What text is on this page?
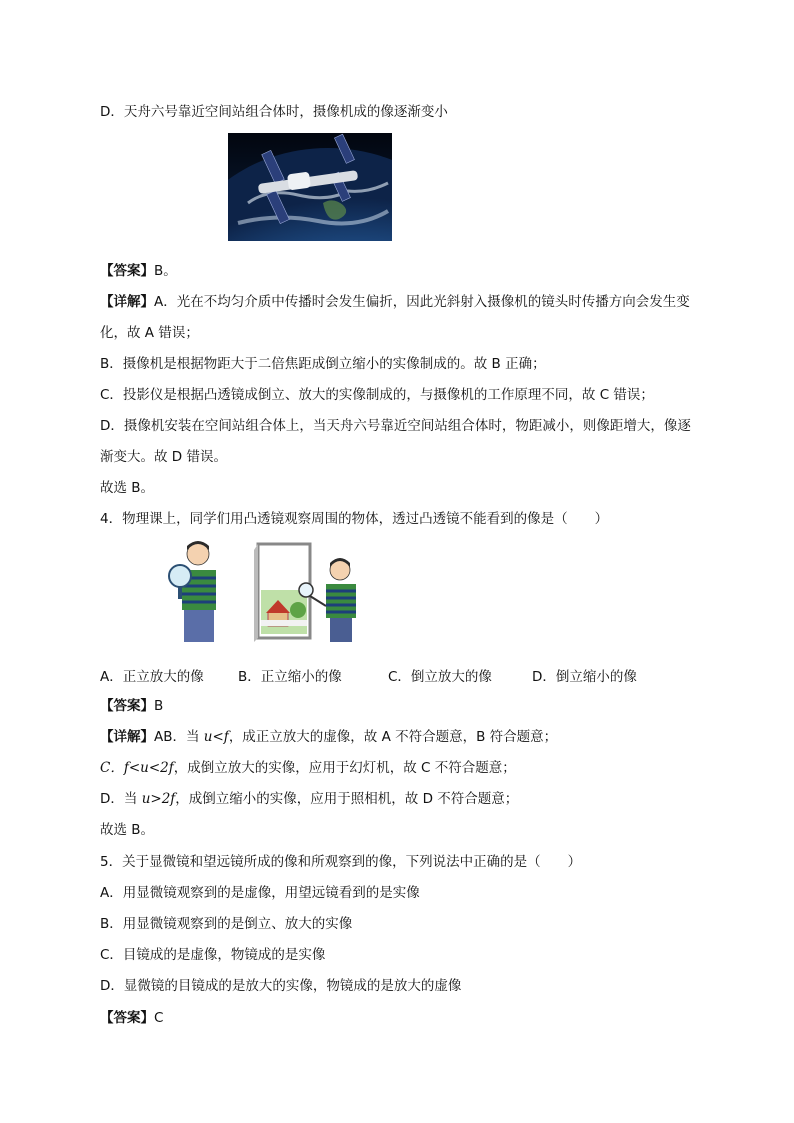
D．天舟六号靠近空间站组合体时，摄像机成的像逐渐变小
【答案】B。
【详解】A．光在不均匀介质中传播时会发生偏折，因此光斜射入摄像机的镜头时传播方向会发生变
化，故 A 错误；
B．摄像机是根据物距大于二倍焦距成倒立缩小的实像制成的。故 B 正确；
C．投影仪是根据凸透镜成倒立、放大的实像制成的，与摄像机的工作原理不同，故 C 错误；
D．摄像机安装在空间站组合体上，当天舟六号靠近空间站组合体时，物距减小，则像距增大，像逐
渐变大。故 D 错误。
故选 B。
4．物理课上，同学们用凸透镜观察周围的物体，透过凸透镜不能看到的像是（　　）
A．正立放大的像	B．正立缩小的像	C．倒立放大的像	D．倒立缩小的像
【答案】B
【详解】AB．当 u<f，成正立放大的虚像，故 A 不符合题意，B 符合题意；
C．f<u<2f，成倒立放大的实像，应用于幻灯机，故 C 不符合题意；
D．当 u>2f，成倒立缩小的实像，应用于照相机，故 D 不符合题意；
故选 B。
5．关于显微镜和望远镜所成的像和所观察到的像，下列说法中正确的是（　　）
A．用显微镜观察到的是虚像，用望远镜看到的是实像
B．用显微镜观察到的是倒立、放大的实像
C．目镜成的是虚像，物镜成的是实像
D．显微镜的目镜成的是放大的实像，物镜成的是放大的虚像
【答案】C
